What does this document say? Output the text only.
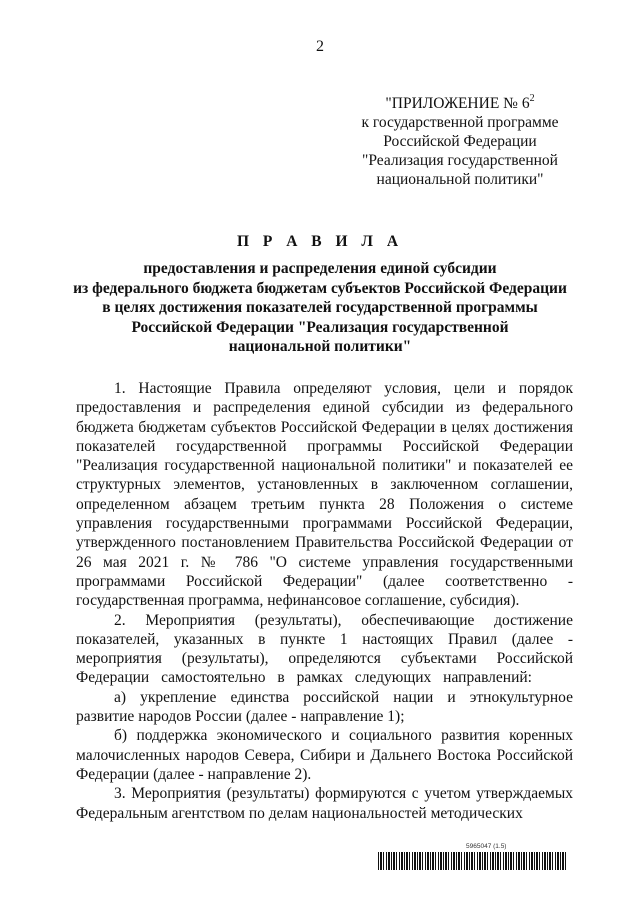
2
"ПРИЛОЖЕНИЕ № $6^2$
к государственной программе
Российской Федерации
"Реализация государственной
национальной политики"
П Р А В И Л А
предоставления и распределения единой субсидии
из федерального бюджета бюджетам субъектов Российской Федерации
в целях достижения показателей государственной программы
Российской Федерации "Реализация государственной
национальной политики"

1. Настоящие Правила определяют условия, цели и порядок предоставления и распределения единой субсидии из федерального бюджета бюджетам субъектов Российской Федерации в целях достижения показателей государственной программы Российской Федерации "Реализация государственной национальной политики" и показателей ее структурных элементов, установленных в заключенном соглашении, определенном абзацем третьим пункта 28 Положения о системе управления государственными программами Российской Федерации, утвержденного постановлением Правительства Российской Федерации от 26 мая 2021 г. № 786 "О системе управления государственными программами Российской Федерации" (далее соответственно - государственная программа, нефинансовое соглашение, субсидия).

2. Мероприятия (результаты), обеспечивающие достижение показателей, указанных в пункте 1 настоящих Правил (далее - мероприятия (результаты), определяются субъектами Российской Федерации самостоятельно в рамках следующих направлений:

а) укрепление единства российской нации и этнокультурное развитие народов России (далее - направление 1);

б) поддержка экономического и социального развития коренных малочисленных народов Севера, Сибири и Дальнего Востока Российской Федерации (далее - направление 2).

3. Мероприятия (результаты) формируются с учетом утверждаемых Федеральным агентством по делам национальностей методических

5965047 (1.5)
